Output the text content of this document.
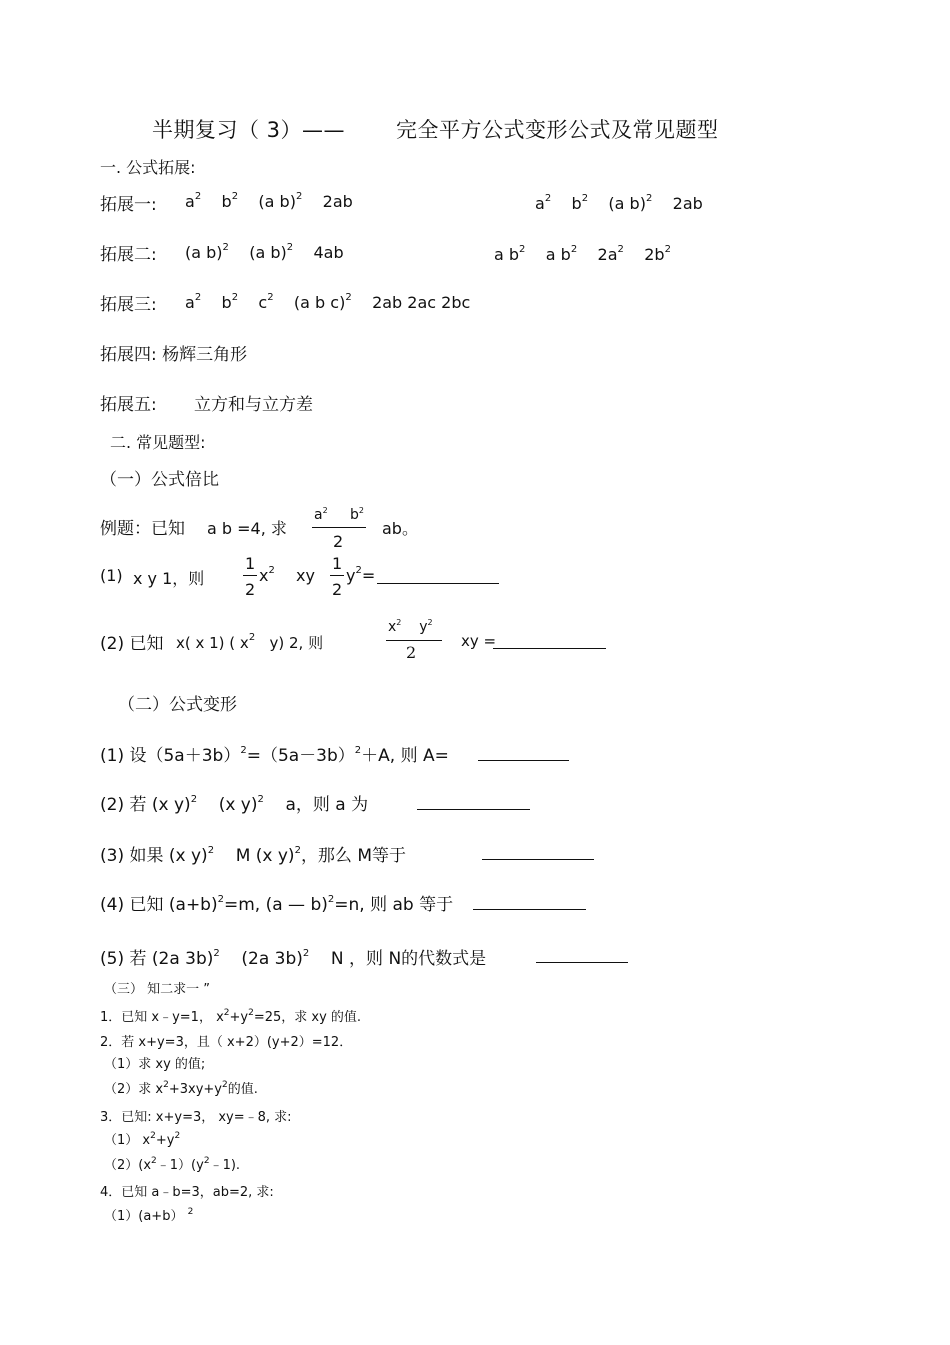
半期复习（ 3）—— 完全平方公式变形公式及常见题型
一. 公式拓展:
拓展一: $a^2$ $b^2$ (a b)$^2$ 2ab	$a^2$ $b^2$ (a b)$^2$ 2ab
拓展二: (a b)$^2$ (a b)$^2$ 4ab	a $b^2$ a $b^2$ $2a^2$ $2b^2$
拓展三: $a^2$ $b^2$ $c^2$ (a b c)$^2$ 2ab 2ac 2bc
拓展四: 杨辉三角形
拓展五: 立方和与立方差
二. 常见题型:
（一）公式倍比
例题：已知 a b =4, 求
$a^2$ $b^2$
2
ab。
(1) x y 1，则
1
2
$x^2$ xy
1
2
$y^2=$
(2) 已知 x( x 1) ( $x^2$ y) 2, 则
$x^2$ $y^2$
2
xy =
（二）公式变形
(1) 设$(5a+3b)^2=(5a-3b)^2+A$, 则 A=
(2) 若 (x y)$^2$ (x y)$^2$ a，则 a 为
(3) 如果 (x y)$^2$ M (x y)$^2$，那么 M等于
(4) 已知 $(a+b)^2=m$, (a — b)$^2$=n, 则 ab 等于
(5) 若 (2a 3b)$^2$ (2a 3b)$^2$ N ，则 N的代数式是
（三） 知二求一 ”
1．已知 x﹣y=1， $x^2+y^2=25$，求 xy 的值.
2．若 x+y=3，且（ x+2）(y+2）=12．
（1）求 xy 的值;
（2）求 $x^2+3xy+y^2$的值.
3．已知: x+y=3， xy=﹣8, 求:
（1） $x^2+y^2$
$(2)(x^2﹣1)(y^2﹣1)$.
4．已知 a﹣b=3，ab=2, 求:
（1）(a+b） $^2$
